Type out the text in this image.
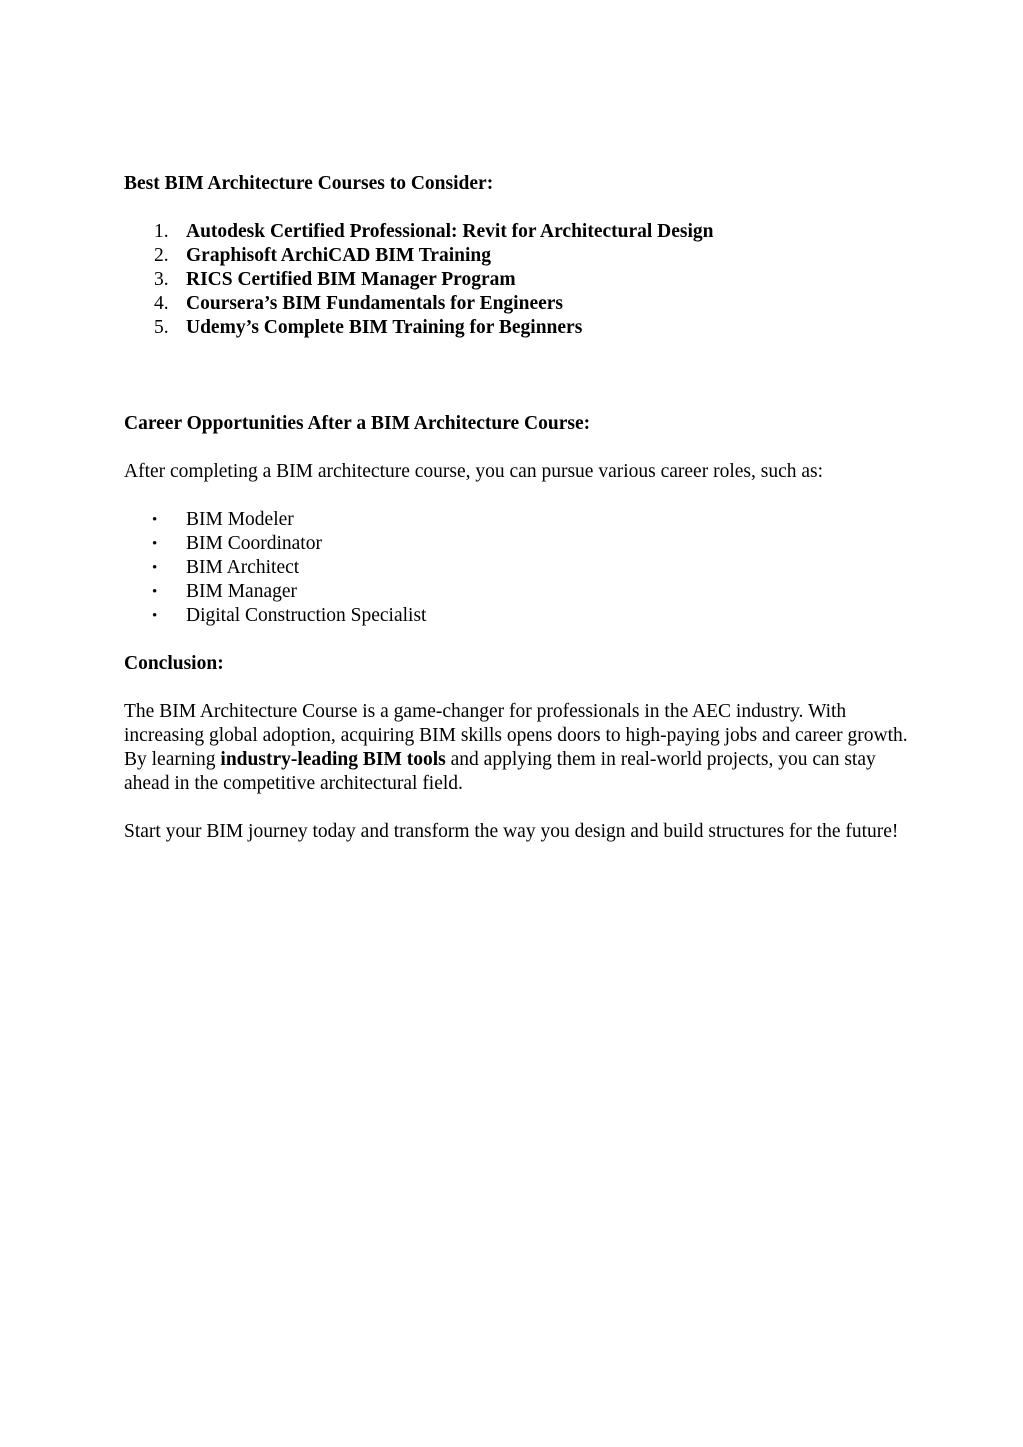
Best BIM Architecture Courses to Consider:

1. Autodesk Certified Professional: Revit for Architectural Design
2. Graphisoft ArchiCAD BIM Training
3. RICS Certified BIM Manager Program
4. Coursera’s BIM Fundamentals for Engineers
5. Udemy’s Complete BIM Training for Beginners

Career Opportunities After a BIM Architecture Course:

After completing a BIM architecture course, you can pursue various career roles, such as:

• BIM Modeler
• BIM Coordinator
• BIM Architect
• BIM Manager
• Digital Construction Specialist

Conclusion:

The BIM Architecture Course is a game-changer for professionals in the AEC industry. With increasing global adoption, acquiring BIM skills opens doors to high-paying jobs and career growth. By learning industry-leading BIM tools and applying them in real-world projects, you can stay ahead in the competitive architectural field.

Start your BIM journey today and transform the way you design and build structures for the future!
